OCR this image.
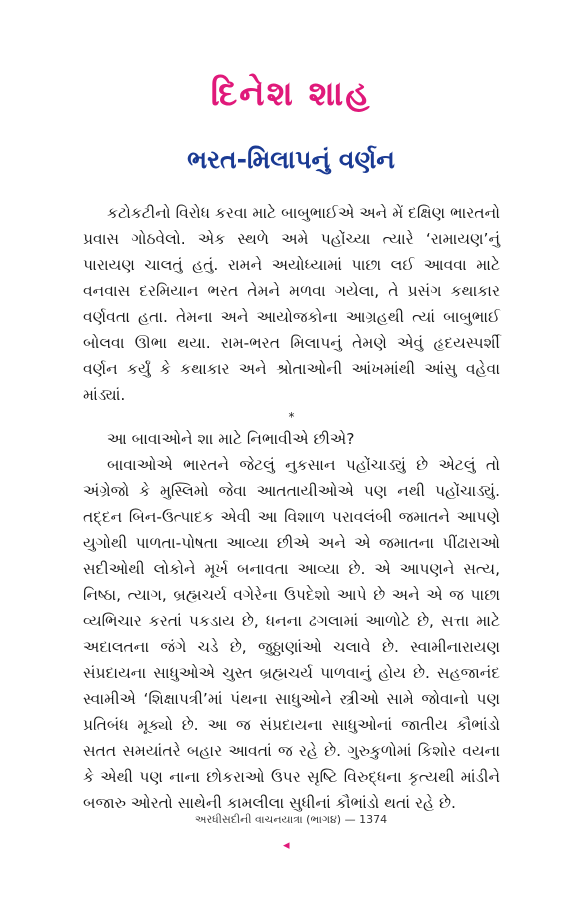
દિનેશ શાહ
ભરત-મિલાપનું વર્ણન

કટોકટીનો વિરોધ કરવા માટે બાબુભાઈએ અને મેં દક્ષિણ ભારતનો પ્રવાસ ગોઠવેલો. એક સ્થળે અમે પહોંચ્યા ત્યારે ‘રામાયણ’નું પારાયણ ચાલતું હતું. રામને અયોધ્યામાં પાછા લઈ આવવા માટે વનવાસ દરમિયાન ભરત તેમને મળવા ગયેલા, તે પ્રસંગ કથાકાર વર્ણવતા હતા. તેમના અને આયોજકોના આગ્રહથી ત્યાં બાબુભાઈ બોલવા ઊભા થયા. રામ-ભરત મિલાપનું તેમણે એવું હૃદયસ્પર્શી વર્ણન કર્યું કે કથાકાર અને શ્રોતાઓની આંખમાંથી આંસુ વહેવા માંડ્યાં.

*

આ બાવાઓને શા માટે નિભાવીએ છીએ?

બાવાઓએ ભારતને જેટલું નુકસાન પહોંચાડ્યું છે એટલું તો અંગ્રેજો કે મુસ્લિમો જેવા આતતાયીઓએ પણ નથી પહોંચાડ્યું. તદ્દન બિન-ઉત્પાદક એવી આ વિશાળ પરાવલંબી જમાતને આપણે યુગોથી પાળતા-પોષતા આવ્યા છીએ અને એ જમાતના પીંઢારાઓ સદીઓથી લોકોને મૂર્ખ બનાવતા આવ્યા છે. એ આપણને સત્ય, નિષ્ઠા, ત્યાગ, બ્રહ્મચર્ય વગેરેના ઉપદેશો આપે છે અને એ જ પાછા વ્યભિચાર કરતાં પકડાય છે, ધનના ઢગલામાં આળોટે છે, સત્તા માટે અદાલતના જંગે ચડે છે, જુઠ્ઠાણાંઓ ચલાવે છે. સ્વામીનારાયણ સંપ્રદાયના સાધુઓએ ચુસ્ત બ્રહ્મચર્ય પાળવાનું હોય છે. સહજાનંદ સ્વામીએ ‘શિક્ષાપત્રી’માં પંથના સાધુઓને સ્ત્રીઓ સામે જોવાનો પણ પ્રતિબંધ મૂક્યો છે. આ જ સંપ્રદાયના સાધુઓનાં જાતીય કૌભાંડો સતત સમયાંતરે બહાર આવતાં જ રહે છે. ગુરુકુળોમાં કિશોર વયના કે એથી પણ નાના છોકરાઓ ઉપર સૃષ્ટિ વિરુદ્ધના કૃત્યથી માંડીને બજારુ ઓરતો સાથેની કામલીલા સુધીનાં કૌભાંડો થતાં રહે છે.

અરધીસદીની વાચનયાત્રા (ભાગ૪) — 1374
◂
